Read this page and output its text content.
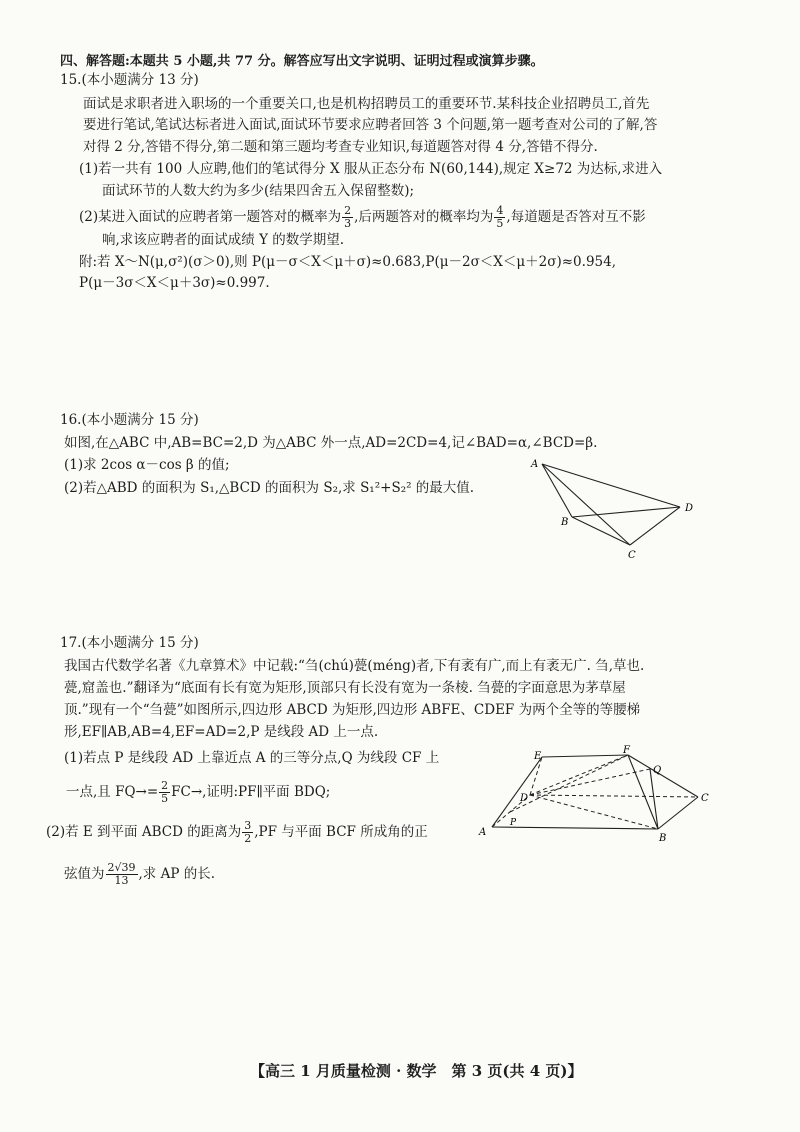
四、解答题:本题共 5 小题,共 77 分。解答应写出文字说明、证明过程或演算步骤。
15.(本小题满分 13 分)
面试是求职者进入职场的一个重要关口,也是机构招聘员工的重要环节.某科技企业招聘员工,首先
要进行笔试,笔试达标者进入面试,面试环节要求应聘者回答 3 个问题,第一题考查对公司的了解,答
对得 2 分,答错不得分,第二题和第三题均考查专业知识,每道题答对得 4 分,答错不得分.
(1)若一共有 100 人应聘,他们的笔试得分 X 服从正态分布 N(60,144),规定 X≥72 为达标,求进入
面试环节的人数大约为多少(结果四舍五入保留整数);
(2)某进入面试的应聘者第一题答对的概率为 $\frac{2}{3}$ ,后两题答对的概率均为 $\frac{4}{5}$ ,每道题是否答对互不影
响,求该应聘者的面试成绩 Y 的数学期望.
附:若 X～N(μ,σ²)(σ＞0),则 P(μ－σ＜X＜μ＋σ)≈0.683,P(μ－2σ＜X＜μ＋2σ)≈0.954,
P(μ－3σ＜X＜μ＋3σ)≈0.997.
16.(本小题满分 15 分)
如图,在△ABC 中,AB=BC=2,D 为△ABC 外一点,AD=2CD=4,记∠BAD=α,∠BCD=β.
(1)求 2cos α－cos β 的值;
(2)若△ABD 的面积为 S₁,△BCD 的面积为 S₂,求 S₁²+S₂² 的最大值.
A
B
C
D
17.(本小题满分 15 分)
我国古代数学名著《九章算术》中记载:“刍(chú)甍(méng)者,下有袤有广,而上有袤无广. 刍,草也.
甍,窟盖也.”翻译为“底面有长有宽为矩形,顶部只有长没有宽为一条棱. 刍甍的字面意思为茅草屋
顶.”现有一个“刍甍”如图所示,四边形 ABCD 为矩形,四边形 ABFE、CDEF 为两个全等的等腰梯
形,EF∥AB,AB=4,EF=AD=2,P 是线段 AD 上一点.
(1)若点 P 是线段 AD 上靠近点 A 的三等分点,Q 为线段 CF 上
一点,且 $FQ\to= \frac{2}{5} FC\to$,证明:PF∥平面 BDQ;
(2)若 E 到平面 ABCD 的距离为 $\frac{3}{2} ,PF$ 与平面 BCF 所成角的正
弦值为 $\frac{2√39}{13}$ ,求 AP 的长.
E
F
Q
D
P
C
A
B
【高三 1 月质量检测 · 数学　第 3 页(共 4 页)】
